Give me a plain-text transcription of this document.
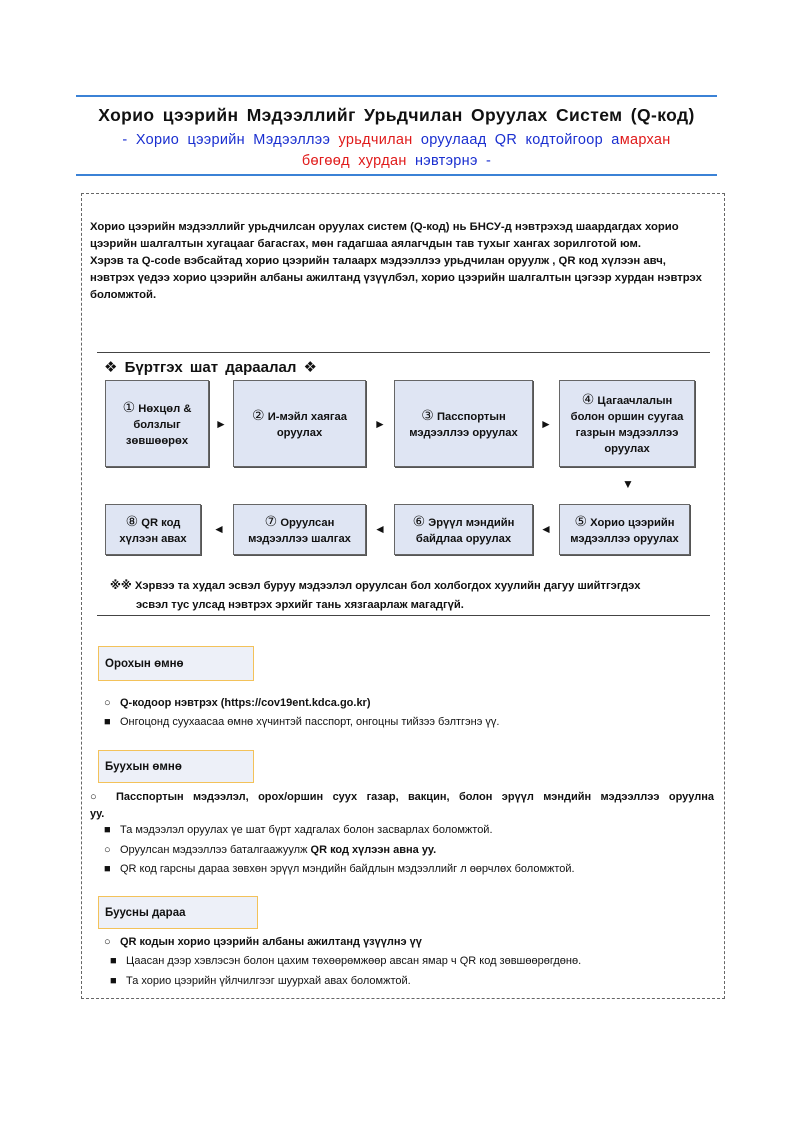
Хорио цээрийн Мэдээллийг Урьдчилан Оруулах Систем (Q-код)
- Хорио цээрийн Мэдээллээ урьдчилан оруулаад QR кодтойгоор амархан бөгөөд хурдан нэвтэрнэ -

Хорио цээрийн мэдээллийг урьдчилсан оруулах систем (Q-код) нь БНСУ-д нэвтрэхэд шаардагдах хорио цээрийн шалгалтын хугацааг багасгах, мөн гадагшаа аялагчдын тав тухыг хангах зорилготой юм.

Хэрэв та Q-code вэбсайтад хорио цээрийн талаарх мэдээллээ урьдчилан оруулж , QR код хүлээн авч, нэвтрэх үедээ хорио цээрийн албаны ажилтанд үзүүлбэл, хорио цээрийн шалгалтын цэгээр хурдан нэвтрэх боломжтой.

❖ Бүртгэх шат дараалал ❖
① Нөхцөл & болзлыг зөвшөөрөх
►
② И-мэйл хаягаа оруулах
►
③ Пасспортын мэдээллээ оруулах
►
④ Цагаачлалын болон оршин суугаа газрын мэдээллээ оруулах
▼
⑧ QR код хүлээн авах
◄
⑦ Оруулсан мэдээллээ шалгах
◄
⑥ Эрүүл мэндийн байдлаа оруулах
◄
⑤ Хорио цээрийн мэдээллээ оруулах
※※ Хэрвээ та худал эсвэл буруу мэдээлэл оруулсан бол холбогдох хуулийн дагуу шийтгэгдэх
эсвэл тус улсад нэвтрэх эрхийг тань хязгаарлаж магадгүй.
Орохын өмнө
○ Q-кодоор нэвтрэх (https://cov19ent.kdca.go.kr)
■ Онгоцонд суухаасаа өмнө хүчинтэй пасспорт, онгоцны тийзээ бэлтгэнэ үү.
Буухын өмнө
○ Пасспортын мэдээлэл, орох/оршин суух газар, вакцин, болон эрүүл мэндийн мэдээллээ оруулна уу.
■ Та мэдээлэл оруулах үе шат бүрт хадгалах болон засварлах боломжтой.
○ Оруулсан мэдээллээ баталгаажуулж QR код хүлээн авна уу.
■ QR код гарсны дараа зөвхөн эрүүл мэндийн байдлын мэдээллийг л өөрчлөх боломжтой.
Буусны дараа
○ QR кодын хорио цээрийн албаны ажилтанд үзүүлнэ үү
■ Цаасан дээр хэвлэсэн болон цахим төхөөрөмжөөр авсан ямар ч QR код зөвшөөрөгдөнө.
■ Та хорио цээрийн үйлчилгээг шуурхай авах боломжтой.
